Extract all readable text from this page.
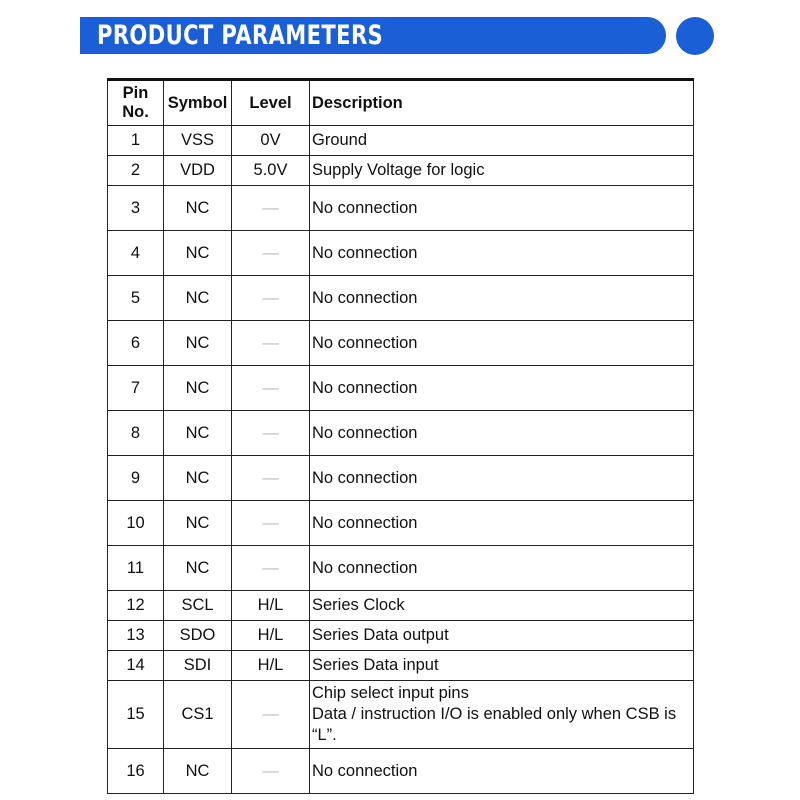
PRODUCT PARAMETERS
Pin No.	Symbol	Level	Description
1	VSS	0V	Ground
2	VDD	5.0V	Supply Voltage for logic
3	NC	—	No connection
4	NC	—	No connection
5	NC	—	No connection
6	NC	—	No connection
7	NC	—	No connection
8	NC	—	No connection
9	NC	—	No connection
10	NC	—	No connection
11	NC	—	No connection
12	SCL	H/L	Series Clock
13	SDO	H/L	Series Data output
14	SDI	H/L	Series Data input
15	CS1	—	Chip select input pins
Data / instruction I/O is enabled only when CSB is “L”.

16	NC	—	No connection
